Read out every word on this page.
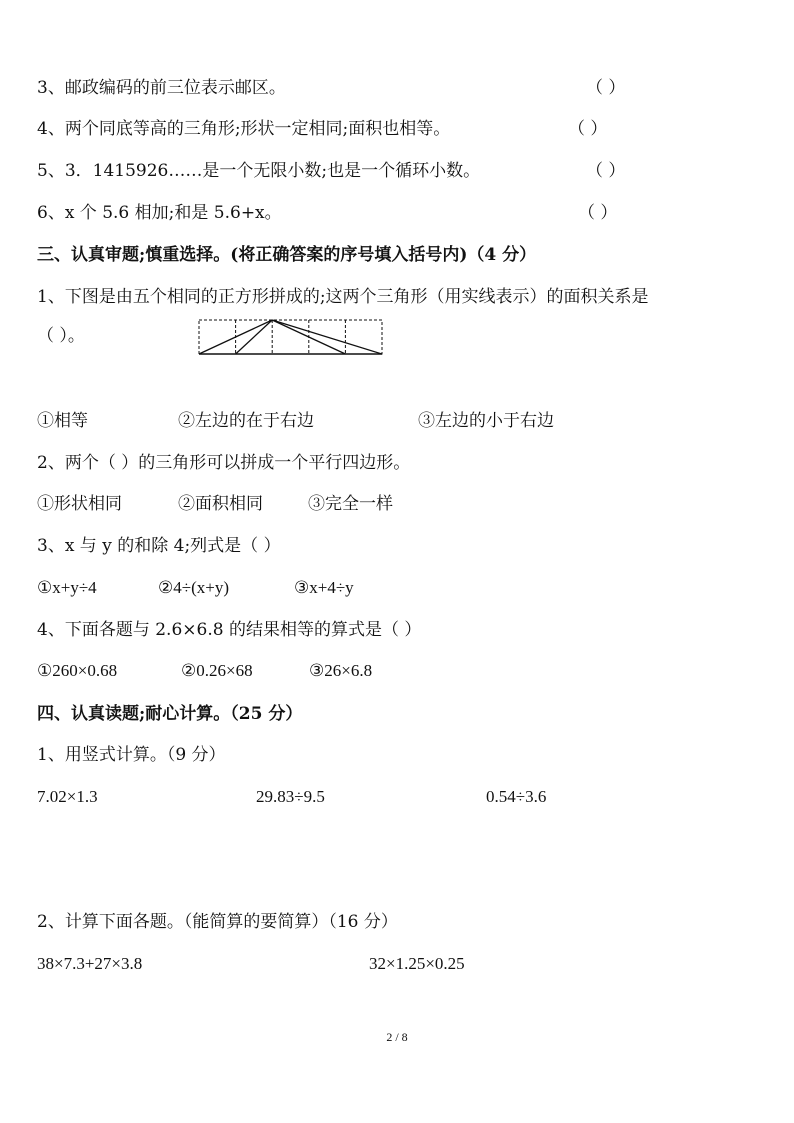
3、邮政编码的前三位表示邮区。	（ ）
4、两个同底等高的三角形;形状一定相同;面积也相等。	（ ）
5、3．1415926……是一个无限小数;也是一个循环小数。	（ ）
6、x 个 5.6 相加;和是 5.6+x。	（ ）
三、认真审题;慎重选择。(将正确答案的序号填入括号内)（4 分）
1、下图是由五个相同的正方形拼成的;这两个三角形（用实线表示）的面积关系是
（ ）。
①相等	②左边的在于右边	③左边的小于右边
2、两个（ ）的三角形可以拼成一个平行四边形。
①形状相同	②面积相同	③完全一样
3、x 与 y 的和除 4;列式是（ ）
①x+y÷4	②4÷(x+y)	③x+4÷y
4、下面各题与 2.6×6.8 的结果相等的算式是（ ）
①260×0.68	②0.26×68	③26×6.8
四、认真读题;耐心计算。（25 分）
1、用竖式计算。（9 分）
7.02×1.3	29.83÷9.5	0.54÷3.6
2、计算下面各题。（能简算的要简算）（16 分）
38×7.3+27×3.8	32×1.25×0.25
2 / 8
